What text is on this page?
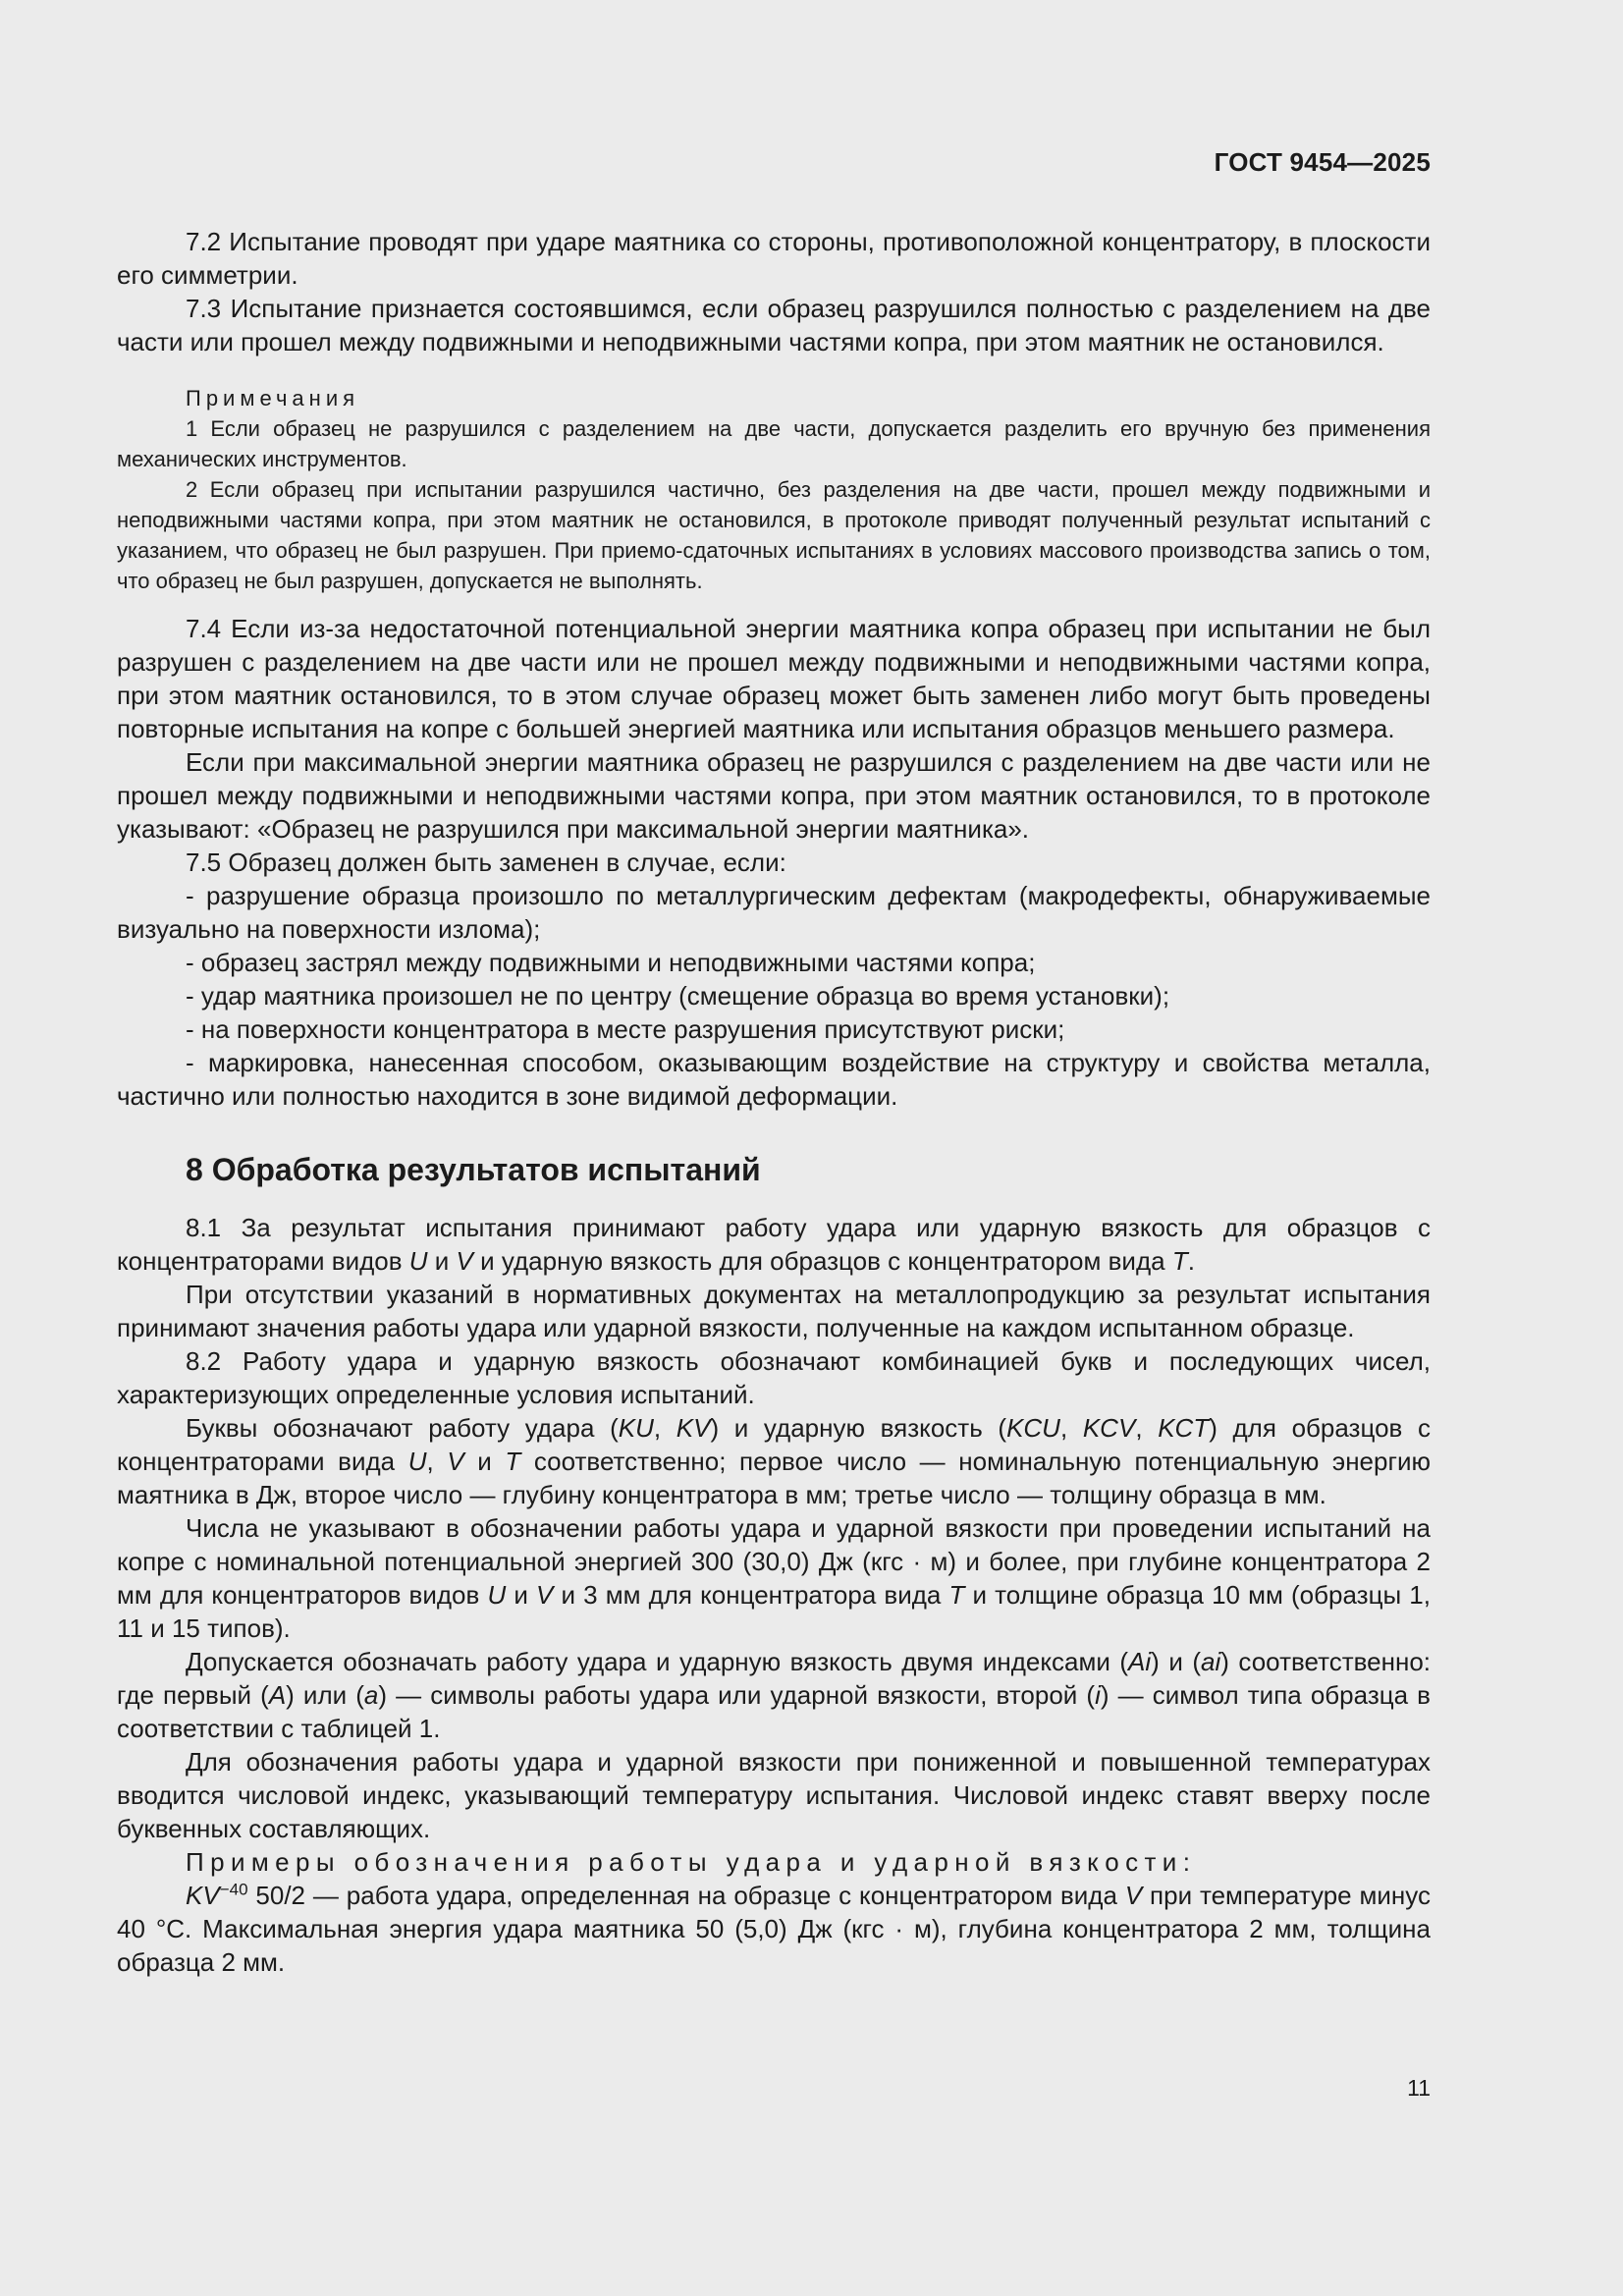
ГОСТ 9454—2025

7.2 Испытание проводят при ударе маятника со стороны, противоположной концентратору, в плоскости его симметрии.

7.3 Испытание признается состоявшимся, если образец разрушился полностью с разделением на две части или прошел между подвижными и неподвижными частями копра, при этом маятник не остановился.

Примечания

1 Если образец не разрушился с разделением на две части, допускается разделить его вручную без применения механических инструментов.

2 Если образец при испытании разрушился частично, без разделения на две части, прошел между подвижными и неподвижными частями копра, при этом маятник не остановился, в протоколе приводят полученный результат испытаний с указанием, что образец не был разрушен. При приемо-сдаточных испытаниях в условиях массового производства запись о том, что образец не был разрушен, допускается не выполнять.

7.4 Если из-за недостаточной потенциальной энергии маятника копра образец при испытании не был разрушен с разделением на две части или не прошел между подвижными и неподвижными частями копра, при этом маятник остановился, то в этом случае образец может быть заменен либо могут быть проведены повторные испытания на копре с большей энергией маятника или испытания образцов меньшего размера.

Если при максимальной энергии маятника образец не разрушился с разделением на две части или не прошел между подвижными и неподвижными частями копра, при этом маятник остановился, то в протоколе указывают: «Образец не разрушился при максимальной энергии маятника».

7.5 Образец должен быть заменен в случае, если:

- разрушение образца произошло по металлургическим дефектам (макродефекты, обнаруживаемые визуально на поверхности излома);

- образец застрял между подвижными и неподвижными частями копра;

- удар маятника произошел не по центру (смещение образца во время установки);

- на поверхности концентратора в месте разрушения присутствуют риски;

- маркировка, нанесенная способом, оказывающим воздействие на структуру и свойства металла, частично или полностью находится в зоне видимой деформации.

8 Обработка результатов испытаний

8.1 За результат испытания принимают работу удара или ударную вязкость для образцов с концентраторами видов U и V и ударную вязкость для образцов с концентратором вида T.

При отсутствии указаний в нормативных документах на металлопродукцию за результат испытания принимают значения работы удара или ударной вязкости, полученные на каждом испытанном образце.

8.2 Работу удара и ударную вязкость обозначают комбинацией букв и последующих чисел, характеризующих определенные условия испытаний.

Буквы обозначают работу удара (KU, KV) и ударную вязкость (KCU, KCV, KCT) для образцов с концентраторами вида U, V и T соответственно; первое число — номинальную потенциальную энергию маятника в Дж, второе число — глубину концентратора в мм; третье число — толщину образца в мм.

Числа не указывают в обозначении работы удара и ударной вязкости при проведении испытаний на копре с номинальной потенциальной энергией 300 (30,0) Дж (кгс · м) и более, при глубине концентратора 2 мм для концентраторов видов U и V и 3 мм для концентратора вида T и толщине образца 10 мм (образцы 1, 11 и 15 типов).

Допускается обозначать работу удара и ударную вязкость двумя индексами (Ai) и (ai) соответственно: где первый (A) или (a) — символы работы удара или ударной вязкости, второй (i) — символ типа образца в соответствии с таблицей 1.

Для обозначения работы удара и ударной вязкости при пониженной и повышенной температурах вводится числовой индекс, указывающий температуру испытания. Числовой индекс ставят вверху после буквенных составляющих.

Примеры обозначения работы удара и ударной вязкости:

$KV^{-40}$ 50/2 — работа удара, определенная на образце с концентратором вида V при температуре минус 40 °С. Максимальная энергия удара маятника 50 (5,0) Дж (кгс · м), глубина концентратора 2 мм, толщина образца 2 мм.

11
